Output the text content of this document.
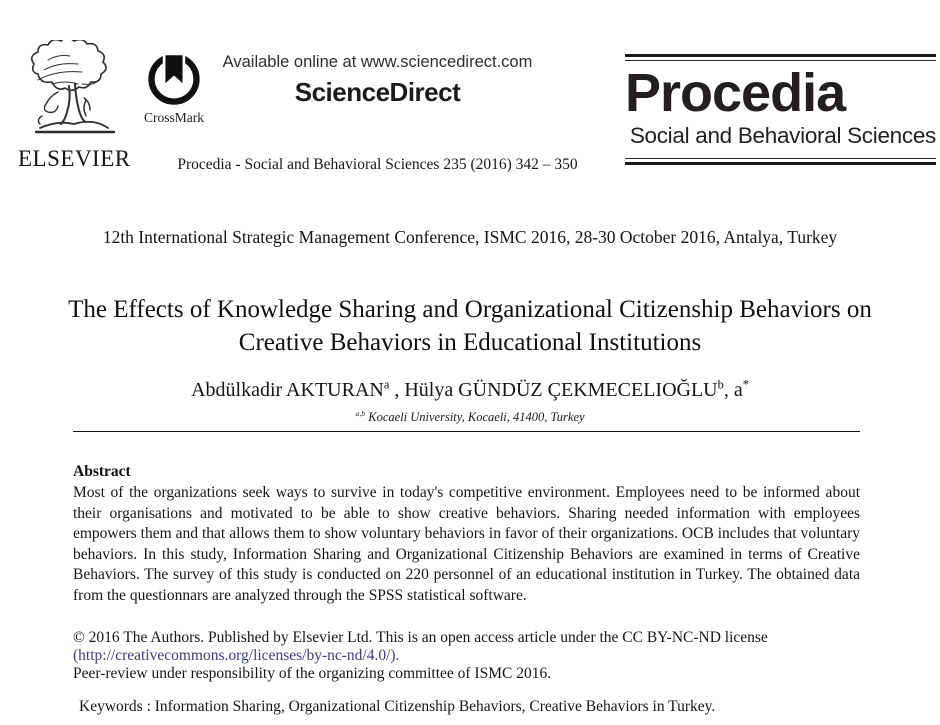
ELSEVIER
CrossMark
Available online at www.sciencedirect.com
ScienceDirect
Procedia - Social and Behavioral Sciences 235 (2016) 342 – 350
Procedia
Social and Behavioral Sciences
12th International Strategic Management Conference, ISMC 2016, 28-30 October 2016, Antalya, Turkey
The Effects of Knowledge Sharing and Organizational Citizenship Behaviors on Creative Behaviors in Educational Institutions
Abdülkadir AKTURAN$^a$ , Hülya GÜNDÜZ ÇEKMECELIOĞLU$^b$, a*
$^{a,b}$ Kocaeli University, Kocaeli, 41400, Turkey
Abstract
Most of the organizations seek ways to survive in today's competitive environment. Employees need to be informed about their organisations and motivated to be able to show creative behaviors. Sharing needed information with employees empowers them and that allows them to show voluntary behaviors in favor of their organizations. OCB includes that voluntary behaviors. In this study, Information Sharing and Organizational Citizenship Behaviors are examined in terms of Creative Behaviors. The survey of this study is conducted on 220 personnel of an educational institution in Turkey. The obtained data from the questionnars are analyzed through the SPSS statistical software.
© 2016 The Authors. Published by Elsevier Ltd. This is an open access article under the CC BY-NC-ND license
(http://creativecommons.org/licenses/by-nc-nd/4.0/).
Peer-review under responsibility of the organizing committee of ISMC 2016.
Keywords : Information Sharing, Organizational Citizenship Behaviors, Creative Behaviors in Turkey.
